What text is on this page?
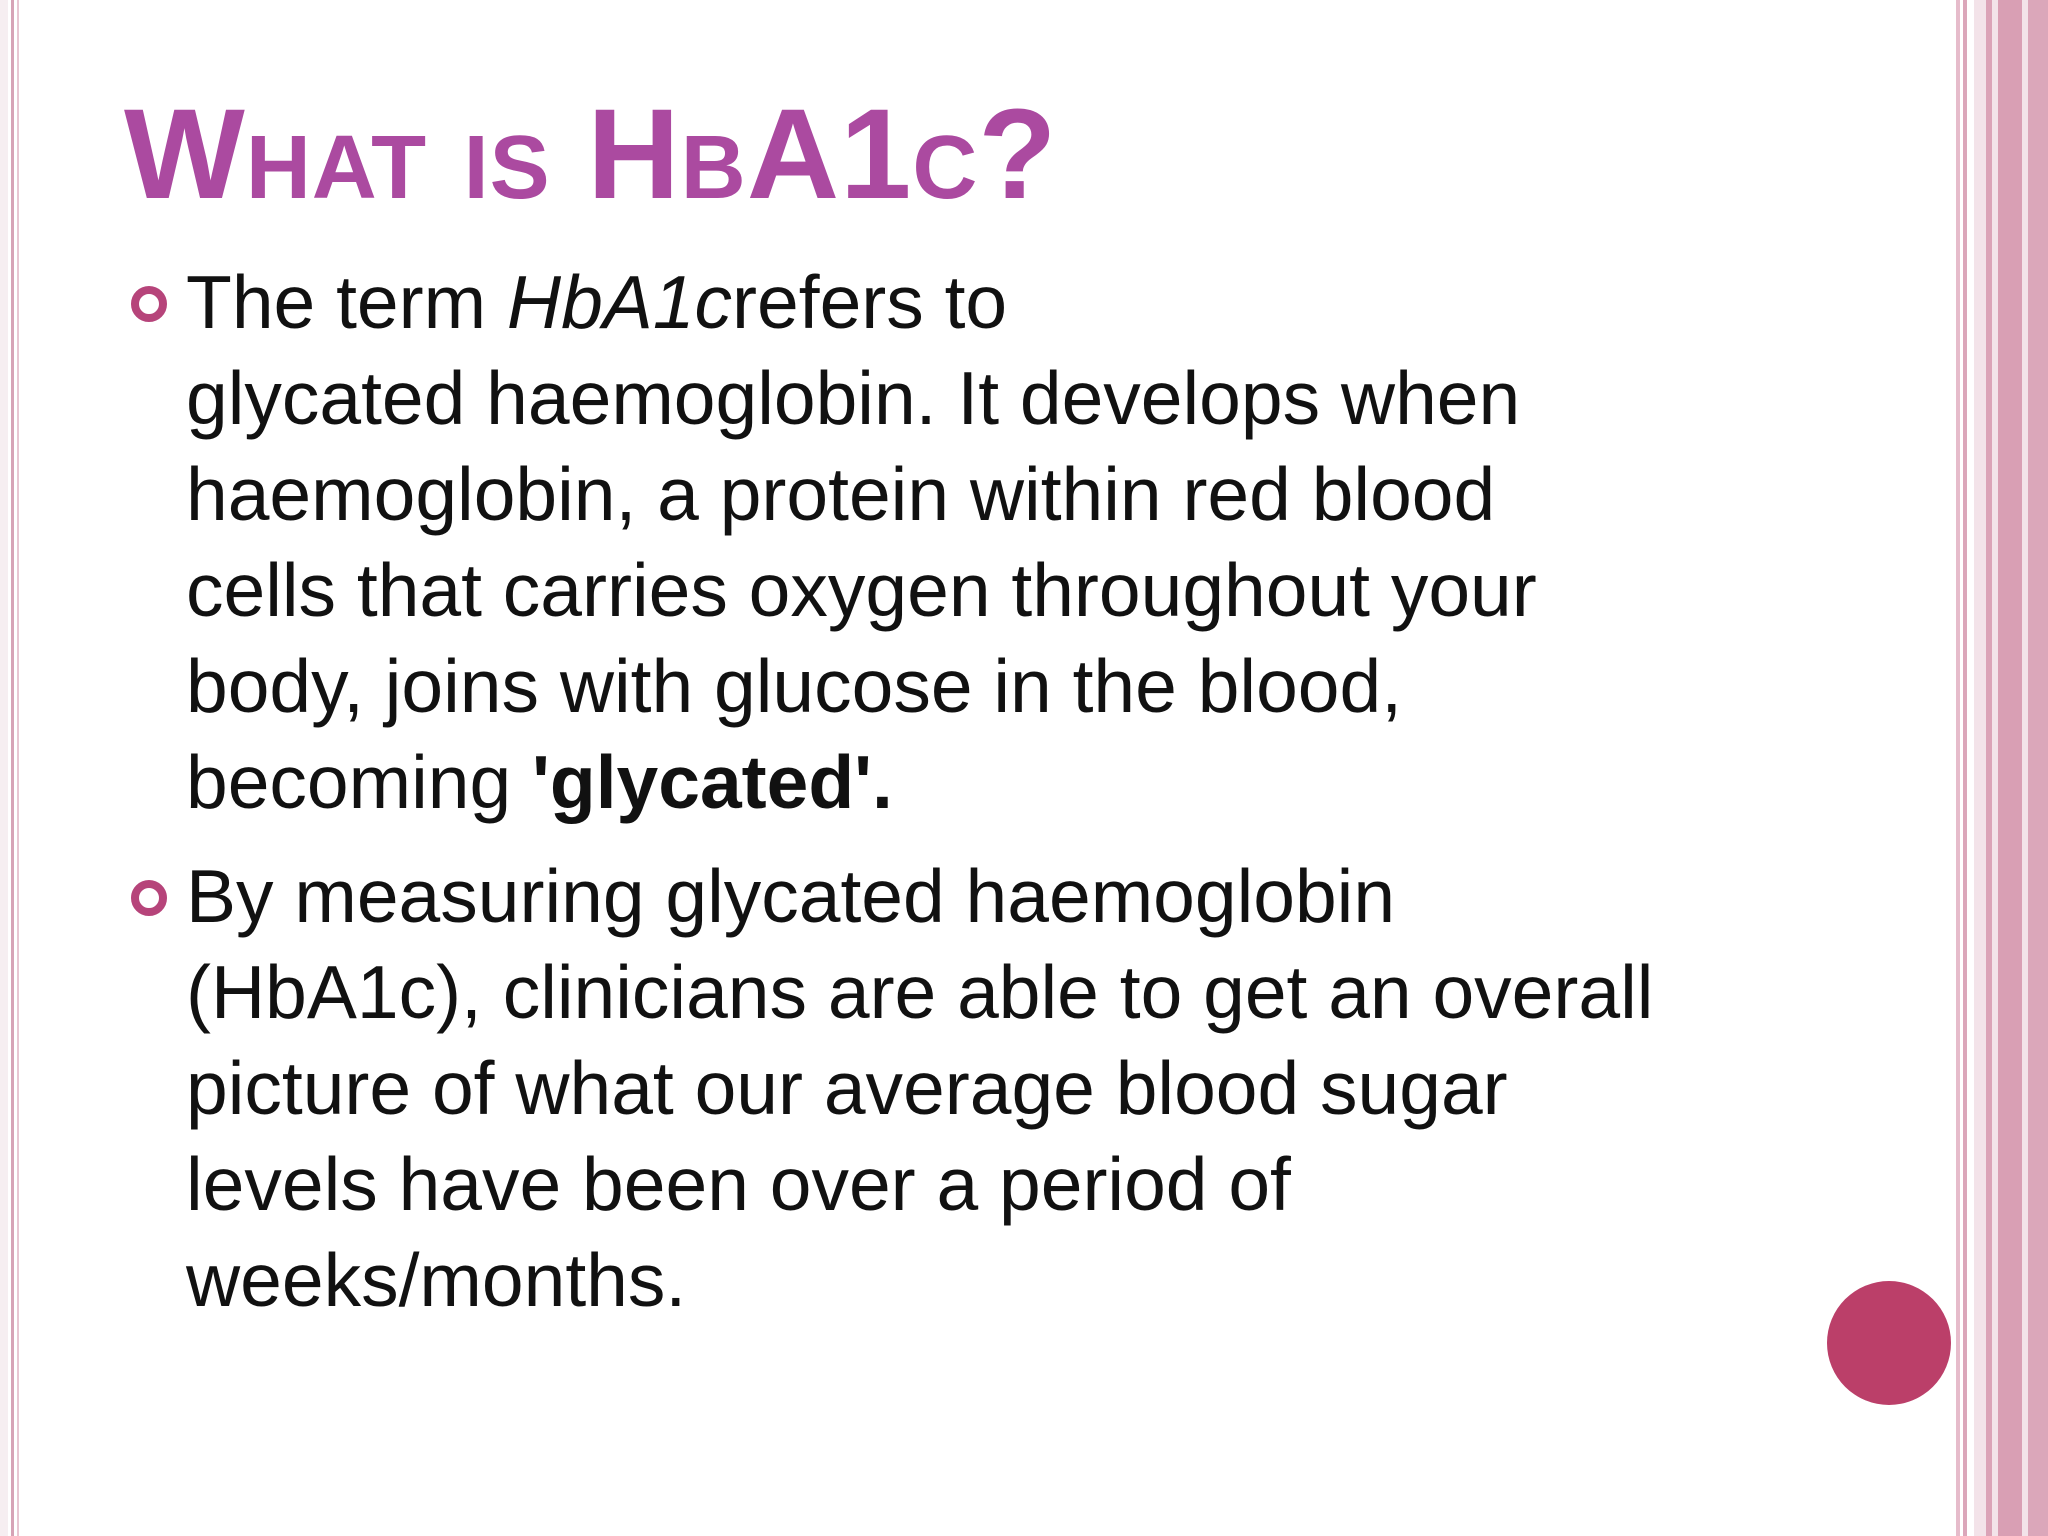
What is HbA1c?
The term HbA1crefers to
glycated haemoglobin. It develops when
haemoglobin, a protein within red blood
cells that carries oxygen throughout your
body, joins with glucose in the blood,
becoming 'glycated'.
By measuring glycated haemoglobin
(HbA1c), clinicians are able to get an overall
picture of what our average blood sugar
levels have been over a period of
weeks/months.
